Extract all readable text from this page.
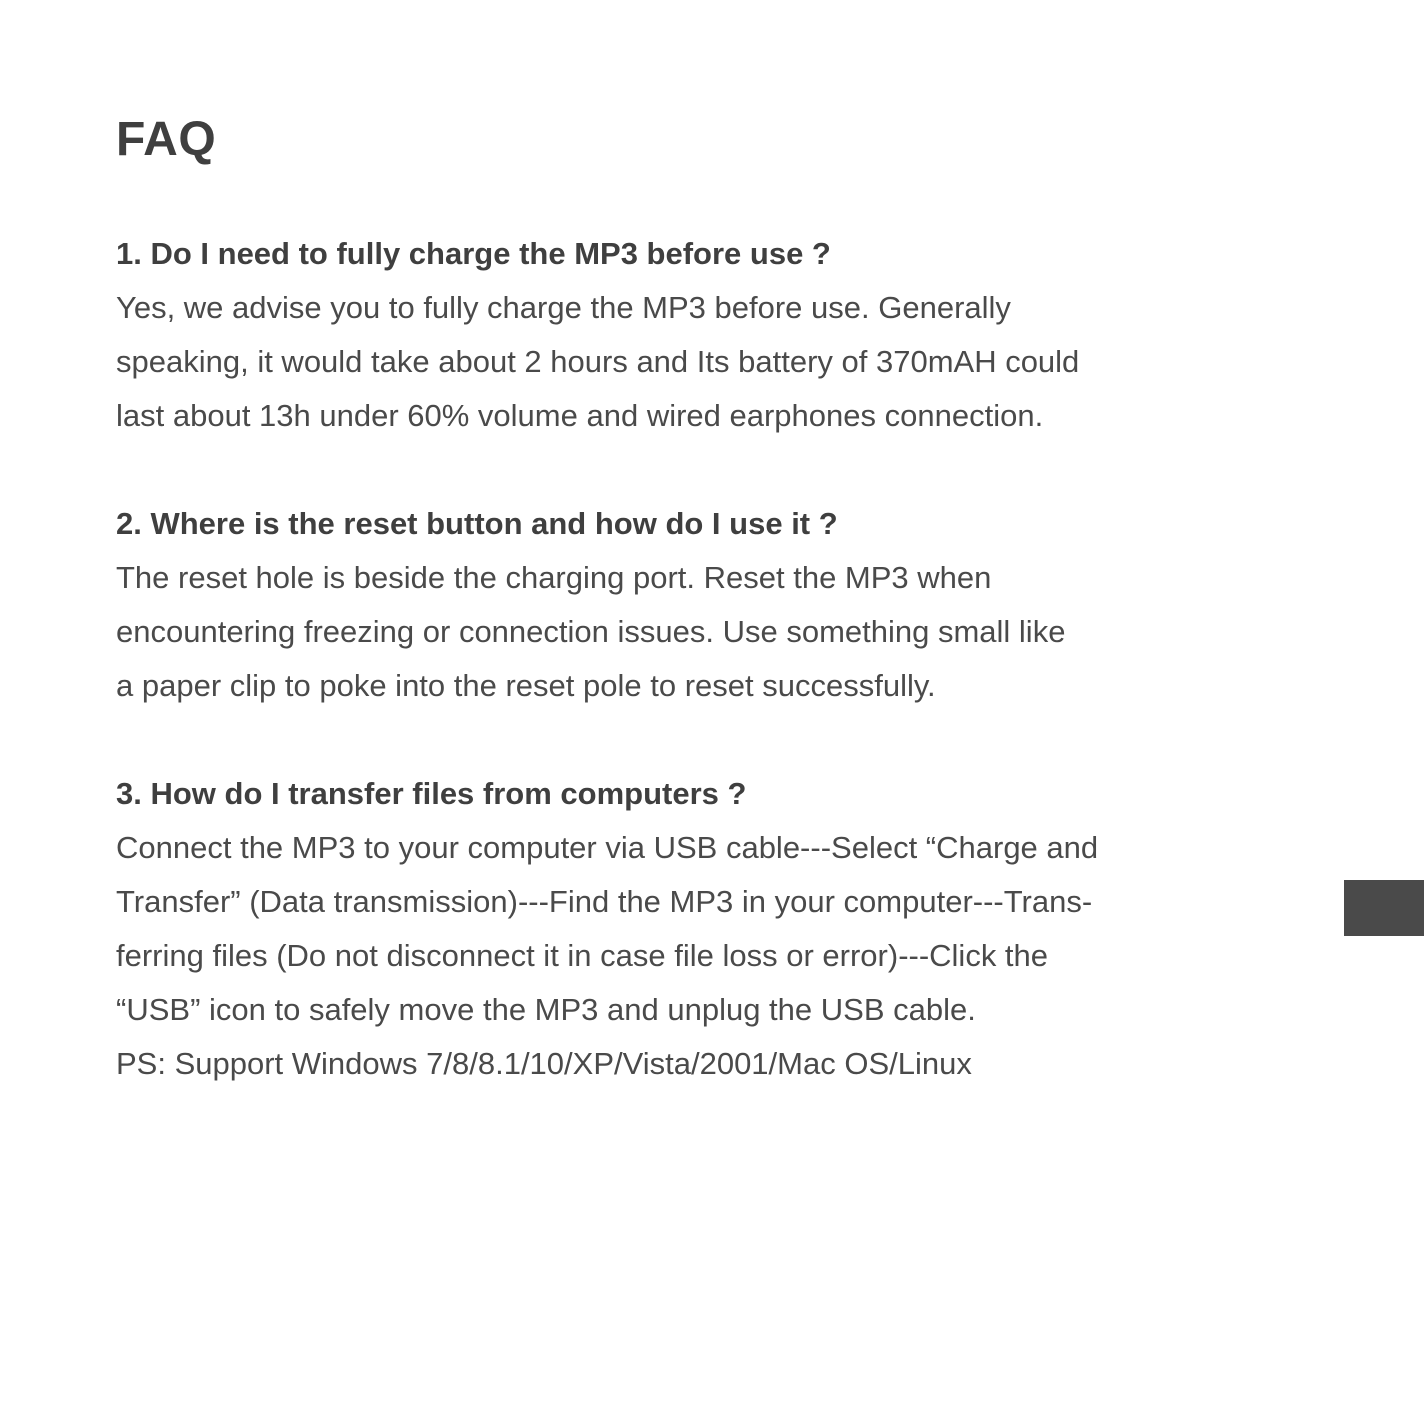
FAQ

1. Do I need to fully charge the MP3 before use ?

Yes, we advise you to fully charge the MP3 before use. Generally

speaking, it would take about 2 hours and Its battery of 370mAH could

last about 13h under 60% volume and wired earphones connection.

2. Where is the reset button and how do I use it ?

The reset hole is beside the charging port. Reset the MP3 when

encountering freezing or connection issues. Use something small like

a paper clip to poke into the reset pole to reset successfully.

3. How do I transfer files from computers ?

Connect the MP3 to your computer via USB cable---Select “Charge and

Transfer” (Data transmission)---Find the MP3 in your computer---Trans-

ferring files (Do not disconnect it in case file loss or error)---Click the

“USB” icon to safely move the MP3 and unplug the USB cable.

PS: Support Windows 7/8/8.1/10/XP/Vista/2001/Mac OS/Linux
